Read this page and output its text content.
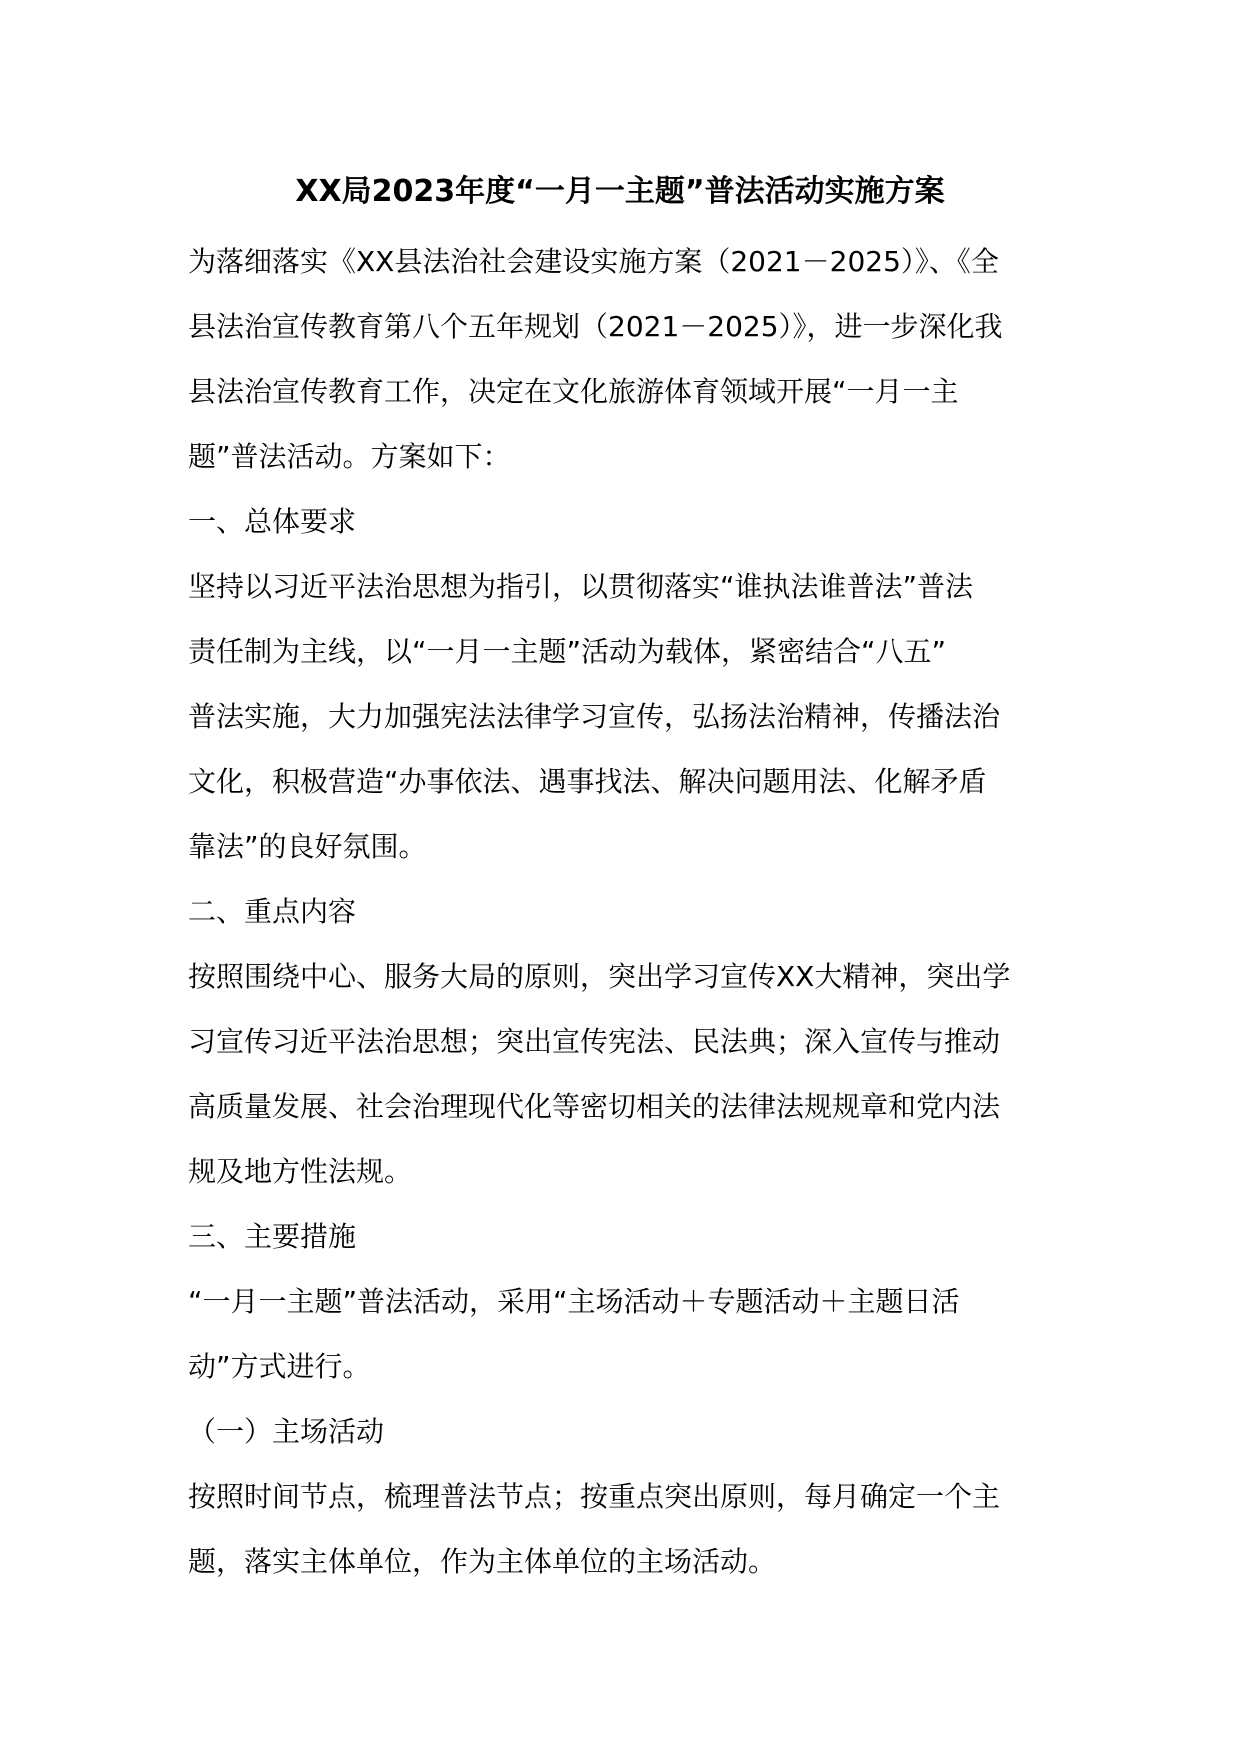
XX局2023年度“一月一主题”普法活动实施方案
为落细落实《XX县法治社会建设实施方案（2021－2025）》、《全
县法治宣传教育第八个五年规划（2021－2025）》，进一步深化我
县法治宣传教育工作，决定在文化旅游体育领域开展“一月一主
题”普法活动。方案如下：
一、总体要求
坚持以习近平法治思想为指引，以贯彻落实“谁执法谁普法”普法
责任制为主线，以“一月一主题”活动为载体，紧密结合“八五”
普法实施，大力加强宪法法律学习宣传，弘扬法治精神，传播法治
文化，积极营造“办事依法、遇事找法、解决问题用法、化解矛盾
靠法”的良好氛围。
二、重点内容
按照围绕中心、服务大局的原则，突出学习宣传XX大精神，突出学
习宣传习近平法治思想；突出宣传宪法、民法典；深入宣传与推动
高质量发展、社会治理现代化等密切相关的法律法规规章和党内法
规及地方性法规。
三、主要措施
“一月一主题”普法活动，采用“主场活动＋专题活动＋主题日活
动”方式进行。
（一）主场活动
按照时间节点，梳理普法节点；按重点突出原则，每月确定一个主
题，落实主体单位，作为主体单位的主场活动。
